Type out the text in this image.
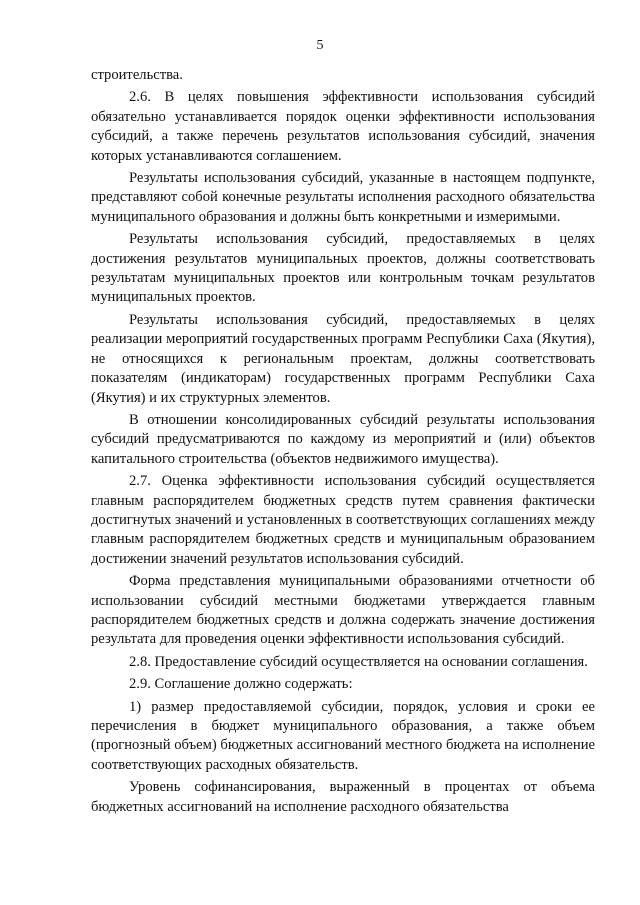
5

строительства.

2.6. В целях повышения эффективности использования субсидий обязательно устанавливается порядок оценки эффективности использования субсидий, а также перечень результатов использования субсидий, значения которых устанавливаются соглашением.

Результаты использования субсидий, указанные в настоящем подпункте, представляют собой конечные результаты исполнения расходного обязательства муниципального образования и должны быть конкретными и измеримыми.

Результаты использования субсидий, предоставляемых в целях достижения результатов муниципальных проектов, должны соответствовать результатам муниципальных проектов или контрольным точкам результатов муниципальных проектов.

Результаты использования субсидий, предоставляемых в целях реализации мероприятий государственных программ Республики Саха (Якутия), не относящихся к региональным проектам, должны соответствовать показателям (индикаторам) государственных программ Республики Саха (Якутия) и их структурных элементов.

В отношении консолидированных субсидий результаты использования субсидий предусматриваются по каждому из мероприятий и (или) объектов капитального строительства (объектов недвижимого имущества).

2.7. Оценка эффективности использования субсидий осуществляется главным распорядителем бюджетных средств путем сравнения фактически достигнутых значений и установленных в соответствующих соглашениях между главным распорядителем бюджетных средств и муниципальным образованием достижении значений результатов использования субсидий.

Форма представления муниципальными образованиями отчетности об использовании субсидий местными бюджетами утверждается главным распорядителем бюджетных средств и должна содержать значение достижения результата для проведения оценки эффективности использования субсидий.

2.8. Предоставление субсидий осуществляется на основании соглашения.

2.9. Соглашение должно содержать:

1) размер предоставляемой субсидии, порядок, условия и сроки ее перечисления в бюджет муниципального образования, а также объем (прогнозный объем) бюджетных ассигнований местного бюджета на исполнение соответствующих расходных обязательств.

Уровень софинансирования, выраженный в процентах от объема бюджетных ассигнований на исполнение расходного обязательства
